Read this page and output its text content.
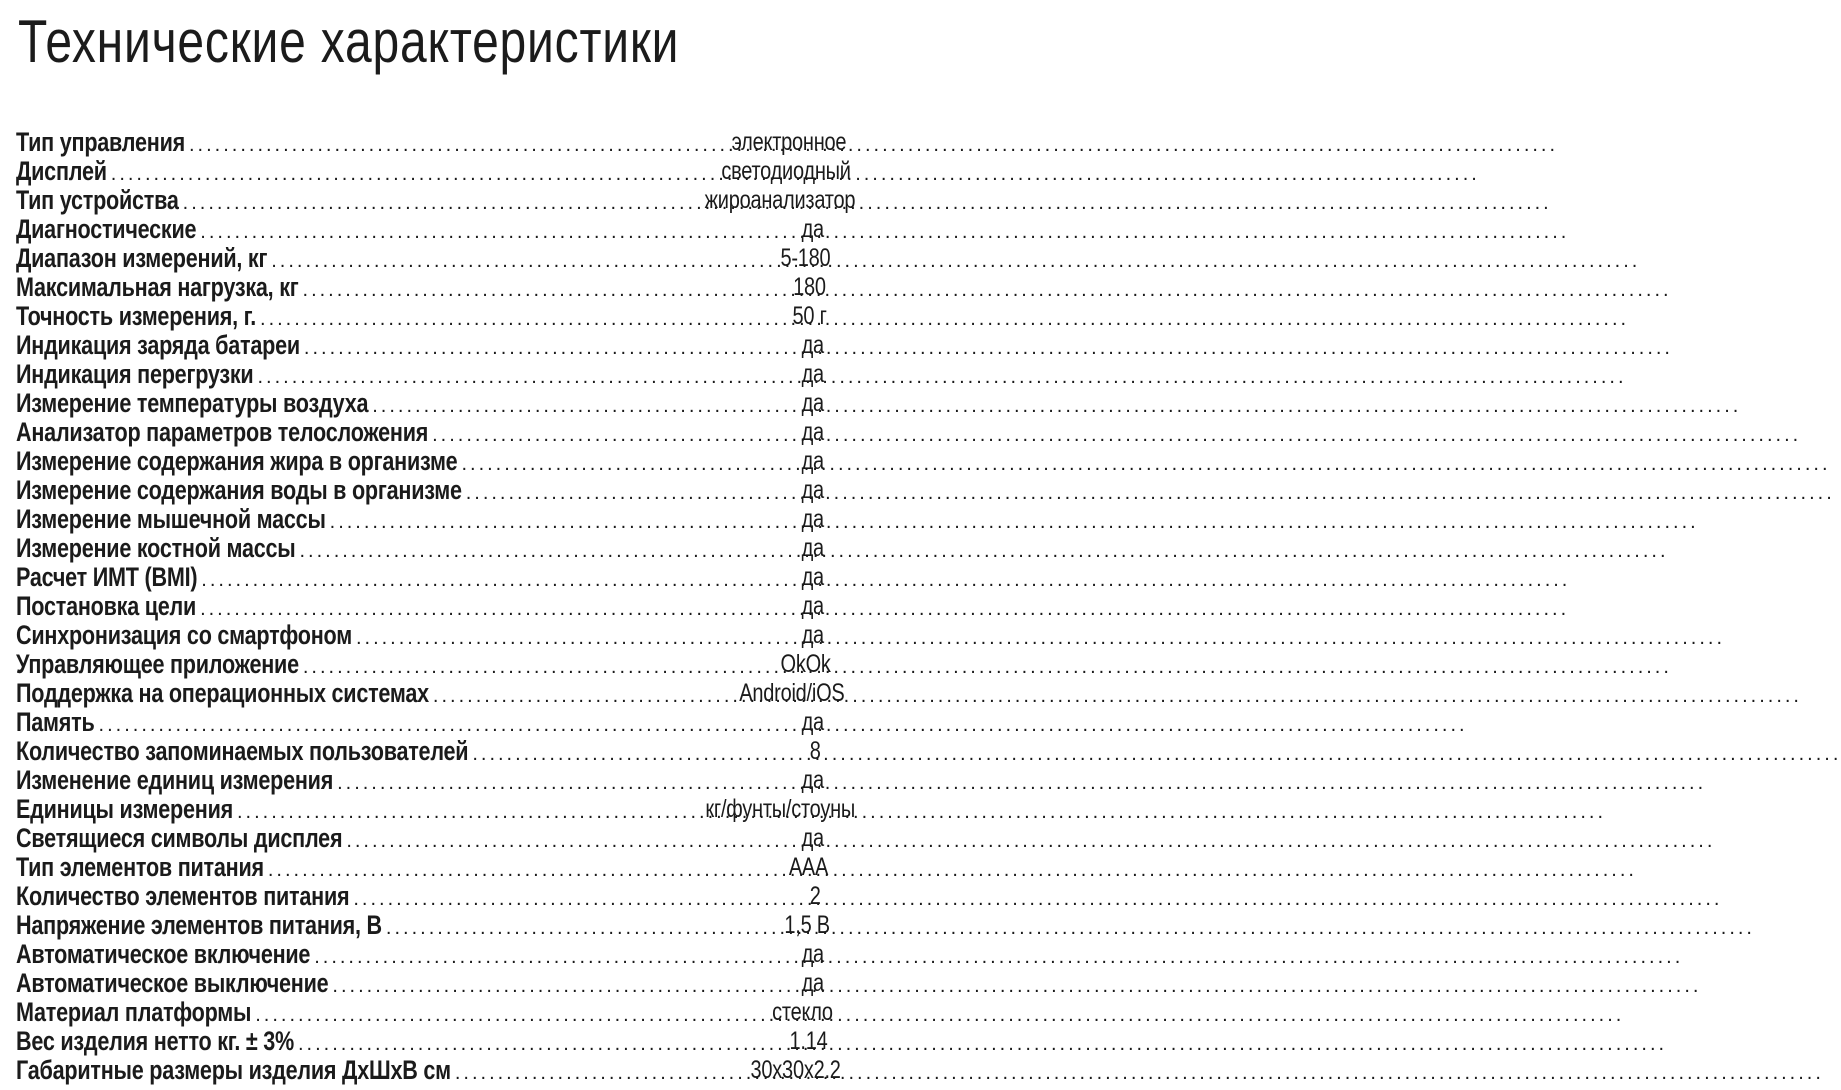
Технические характеристики
Тип управления .....	электронное
Дисплей .....	светодиодный
Тип устройства .....	жироанализатор
Диагностические .....	да
Диапазон измерений, кг .....	5-180
Максимальная нагрузка, кг .....	180
Точность измерения, г. .....	50 г
Индикация заряда батареи .....	да
Индикация перегрузки .....	да
Измерение температуры воздуха .....	да
Анализатор параметров телосложения .....	да
Измерение содержания жира в организме .....	да
Измерение содержания воды в организме .....	да
Измерение мышечной массы .....	да
Измерение костной массы .....	да
Расчет ИМТ (BMI) .....	да
Постановка цели .....	да
Синхронизация со смартфоном .....	да
Управляющее приложение .....	OkOk
Поддержка на операционных системах .....	Android/iOS
Память .....	да
Количество запоминаемых пользователей .....	8
Изменение единиц измерения .....	да
Единицы измерения .....	кг/фунты/стоуны
Светящиеся символы дисплея .....	да
Тип элементов питания .....	AAA
Количество элементов питания .....	2
Напряжение элементов питания, В .....	1,5 В
Автоматическое включение .....	да
Автоматическое выключение .....	да
Материал платформы .....	стекло
Вес изделия нетто кг. ± 3% .....	1.14
Габаритные размеры изделия ДхШхВ см .....	30x30x2.2
